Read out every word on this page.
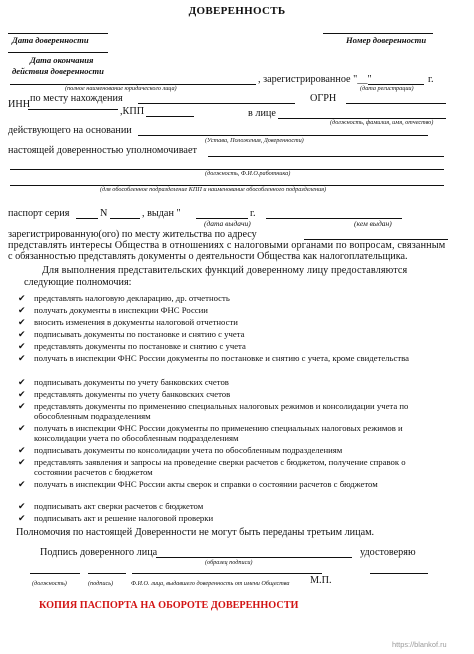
ДОВЕРЕННОСТЬ
Дата доверенности	Номер доверенности
Дата окончания
действия доверенности
, зарегистрированное "__"	г.
(полное наименование юридического лица)	(дата регистрации)
ИНН
по месту нахождения
,КПП
ОГРН
в лице
(должность, фамилия, имя, отчество)
действующего на основании
(Устава, Положения, Доверенности)
настоящей доверенностью уполномочивает
(должность, Ф.И.О.работника)
(для обособленное подразделение КПП и наименование обособленного подразделения)
паспорт серия	N	, выдан "	г.
(дата выдачи)	(кем выдан)
зарегистрированную(ого) по месту жительства по адресу
представлять интересы Общества в отношениях с налоговыми органами по вопросам, связанным
с обязанностью представлять документы о деятельности Общества как налогоплательщика.
Для выполнения представительских функций доверенному лицу предоставляются
следующие полномочия:
✔ представлять налоговую декларацию, др. отчетность
✔ получать документы в инспекции ФНС России
✔ вносить изменения в документы налоговой отчетности
✔ подписывать документы по постановке и снятию с учета
✔ представлять документы по постановке и снятию с учета
✔ получать в инспекции ФНС России документы по постановке и снятию с учета, кроме свидетельства
✔ подписывать документы по учету банковских счетов
✔ представлять документы по учету банковских счетов
✔ представлять документы по применению специальных налоговых режимов и консолидации учета по обособленным подразделениям
✔ получать в инспекции ФНС России документы по применению специальных налоговых режимов и консолидации учета по обособленным подразделениям
✔ подписывать документы по консолидации учета по обособленным подразделениям
✔ представлять заявления и запросы на проведение сверки расчетов с бюджетом, получение справок о состоянии расчетов с бюджетом
✔ получать в инспекции ФНС России акты сверок и справки о состоянии расчетов с бюджетом
✔ подписывать акт сверки расчетов с бюджетом
✔ подписывать акт и решение налоговой проверки
Полномочия по настоящей Доверенности не могут быть переданы третьим лицам.
Подпись доверенного лица	удостоверяю
(образец подписи)
(должность)	(подпись)	Ф.И.О. лица, выдавшего доверенность от имени Общества М.П.
КОПИЯ ПАСПОРТА НА ОБОРОТЕ ДОВЕРЕННОСТИ
https://blankof.ru
